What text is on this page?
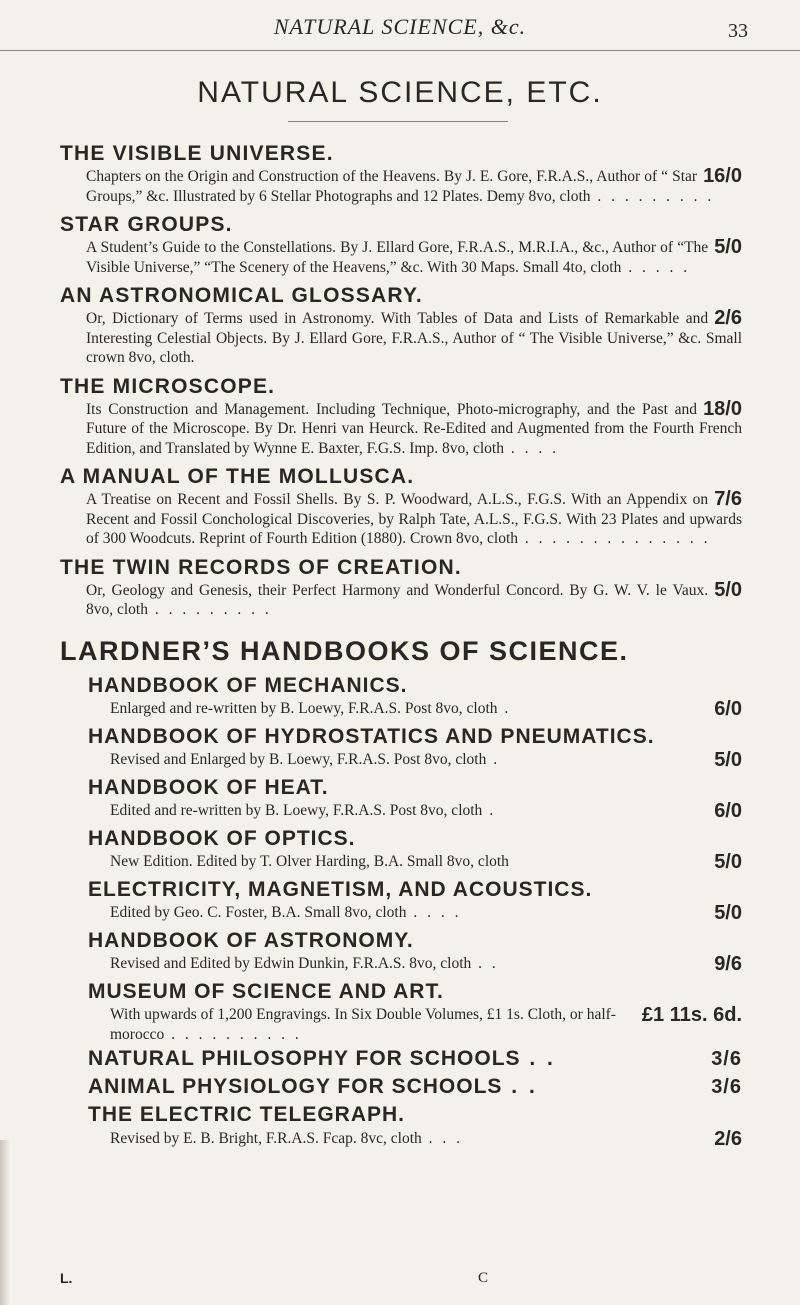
NATURAL SCIENCE, &c.	33
NATURAL SCIENCE, ETC.
THE VISIBLE UNIVERSE.
16/0
Chapters on the Origin and Construction of the Heavens. By J. E. Gore, F.R.A.S., Author of “ Star Groups,” &c. Illustrated by 6 Stellar Photographs and 12 Plates. Demy 8vo, cloth . . . . . . . . .
STAR GROUPS.
5/0
A Student’s Guide to the Constellations. By J. Ellard Gore, F.R.A.S., M.R.I.A., &c., Author of “The Visible Universe,” “The Scenery of the Heavens,” &c. With 30 Maps. Small 4to, cloth . . . . .
AN ASTRONOMICAL GLOSSARY.
2/6
Or, Dictionary of Terms used in Astronomy. With Tables of Data and Lists of Remarkable and Interesting Celestial Objects. By J. Ellard Gore, F.R.A.S., Author of “ The Visible Universe,” &c. Small crown 8vo, cloth.
THE MICROSCOPE.
18/0
Its Construction and Management. Including Technique, Photo-micrography, and the Past and Future of the Microscope. By Dr. Henri van Heurck. Re-Edited and Augmented from the Fourth French Edition, and Translated by Wynne E. Baxter, F.G.S. Imp. 8vo, cloth . . . .
A MANUAL OF THE MOLLUSCA.
7/6
A Treatise on Recent and Fossil Shells. By S. P. Woodward, A.L.S., F.G.S. With an Appendix on Recent and Fossil Conchological Discoveries, by Ralph Tate, A.L.S., F.G.S. With 23 Plates and upwards of 300 Woodcuts. Reprint of Fourth Edition (1880). Crown 8vo, cloth . . . . . . . . . . . . . .
THE TWIN RECORDS OF CREATION.
5/0
Or, Geology and Genesis, their Perfect Harmony and Wonderful Concord. By G. W. V. le Vaux. 8vo, cloth . . . . . . . . .
LARDNER’S HANDBOOKS OF SCIENCE.
HANDBOOK OF MECHANICS.
6/0
Enlarged and re-written by B. Loewy, F.R.A.S. Post 8vo, cloth .
HANDBOOK OF HYDROSTATICS AND PNEUMATICS.
5/0
Revised and Enlarged by B. Loewy, F.R.A.S. Post 8vo, cloth .
HANDBOOK OF HEAT.
6/0
Edited and re-written by B. Loewy, F.R.A.S. Post 8vo, cloth .
HANDBOOK OF OPTICS.
5/0
New Edition. Edited by T. Olver Harding, B.A. Small 8vo, cloth
ELECTRICITY, MAGNETISM, AND ACOUSTICS.
5/0
Edited by Geo. C. Foster, B.A. Small 8vo, cloth . . . .
HANDBOOK OF ASTRONOMY.
9/6
Revised and Edited by Edwin Dunkin, F.R.A.S. 8vo, cloth . .
MUSEUM OF SCIENCE AND ART.
£1 11s. 6d.
With upwards of 1,200 Engravings. In Six Double Volumes, £1 1s. Cloth, or half-morocco . . . . . . . . . .
3/6
NATURAL PHILOSOPHY FOR SCHOOLS . .
3/6
ANIMAL PHYSIOLOGY FOR SCHOOLS . .
THE ELECTRIC TELEGRAPH.
2/6
Revised by E. B. Bright, F.R.A.S. Fcap. 8vc, cloth . . .
L.	C
